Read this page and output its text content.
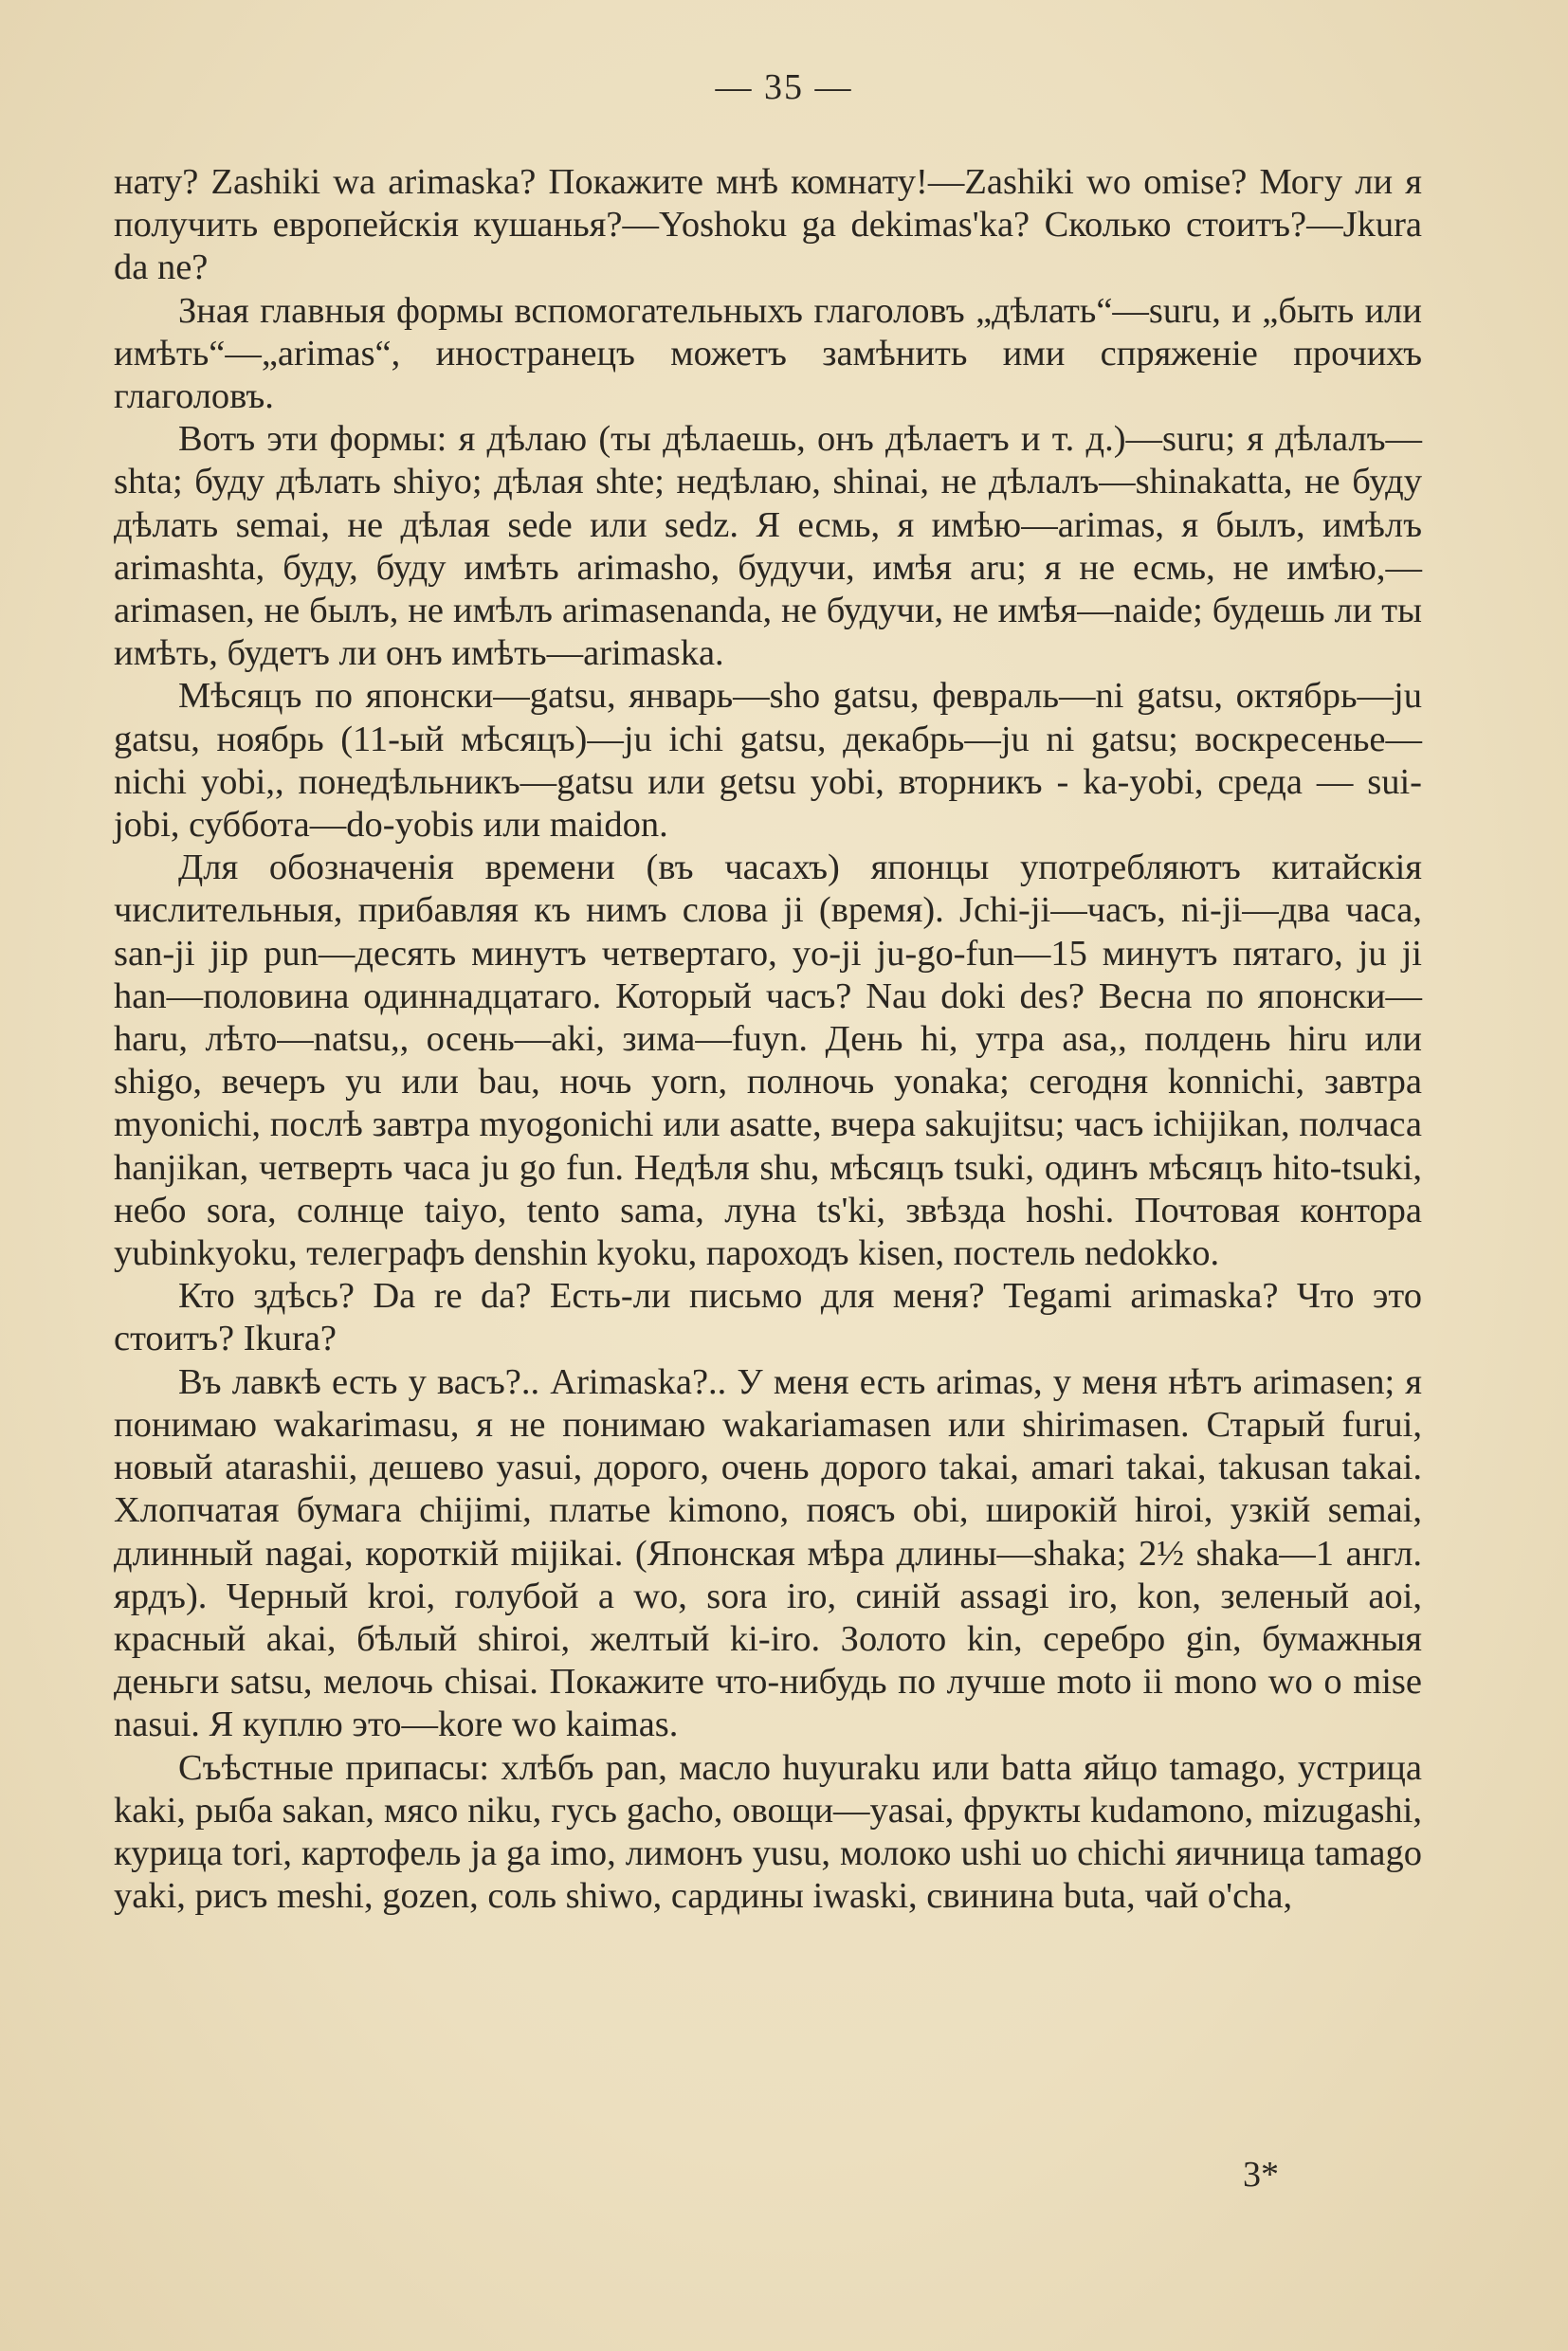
— 35 —

нату? Zashiki wa arimaska? Покажите мнѣ комнату!—Zashiki wo omise? Могу ли я получить европейскія кушанья?—Yoshoku ga dekimas'ka? Сколько стоитъ?—Jkura da ne?

Зная главныя формы вспомогательныхъ глаголовъ „дѣлать“—suru, и „быть или имѣть“—„arimas“, иностранецъ можетъ замѣнить ими спряженіе прочихъ глаголовъ.

Вотъ эти формы: я дѣлаю (ты дѣлаешь, онъ дѣлаетъ и т. д.)—suru; я дѣлалъ—shta; буду дѣлать shiyo; дѣлая shte; недѣлаю, shinai, не дѣлалъ—shinakatta, не буду дѣлать semai, не дѣлая sede или sedz. Я есмь, я имѣю—arimas, я былъ, имѣлъ arimashta, буду, буду имѣть arimasho, будучи, имѣя aru; я не есмь, не имѣю,—arimasen, не былъ, не имѣлъ arimasenanda, не будучи, не имѣя—naide; будешь ли ты имѣть, будетъ ли онъ имѣть—arimaska.

Мѣсяцъ по японски—gatsu, январь—sho gatsu, февраль—ni gatsu, октябрь—ju gatsu, ноябрь (11-ый мѣсяцъ)—ju ichi gatsu, декабрь—ju ni gatsu; воскресенье—nichi yobi,, понедѣльникъ—gatsu или getsu yobi, вторникъ - ka-yobi, среда — sui-jobi, суббота—do-yobis или maidon.

Для обозначенія времени (въ часахъ) японцы употребляютъ китайскія числительныя, прибавляя къ нимъ слова ji (время). Jchi-ji—часъ, ni-ji—два часа, san-ji jip pun—десять минутъ четвертаго, yo-ji ju-go-fun—15 минутъ пятаго, ju ji han—половина одиннадцатаго. Который часъ? Nau doki des? Весна по японски—haru, лѣто—natsu,, осень—aki, зима—fuyn. День hi, утра asa,, полдень hiru или shigo, вечеръ yu или bau, ночь yorn, полночь yonaka; сегодня konnichi, завтра myonichi, послѣ завтра myogonichi или asatte, вчера sakujitsu; часъ ichijikan, полчаса hanjikan, четверть часа ju go fun. Недѣля shu, мѣсяцъ tsuki, одинъ мѣсяцъ hito-tsuki, небо sora, солнце taiyo, tento sama, луна ts'ki, звѣзда hoshi. Почтовая контора yubinkyoku, телеграфъ denshin kyoku, пароходъ kisen, постель nedokko.

Кто здѣсь? Da re da? Есть-ли письмо для меня? Tegami arimaska? Что это стоитъ? Ikura?

Въ лавкѣ есть у васъ?.. Arimaska?.. У меня есть arimas, у меня нѣтъ arimasen; я понимаю wakarimasu, я не понимаю wakariamasen или shirimasen. Старый furui, новый atarashii, дешево yasui, дорого, очень дорого takai, amari takai, takusan takai. Хлопчатая бумага chijimi, платье kimono, поясъ obi, широкій hiroi, узкій semai, длинный nagai, короткій mijikai. (Японская мѣра длины—shaka; 2½ shaka—1 англ. ярдъ). Черный kroi, голубой a wo, sora iro, синій assagi iro, kon, зеленый aoi, красный akai, бѣлый shiroi, желтый ki-iro. Золото kin, серебро gin, бумажныя деньги satsu, мелочь chisai. Покажите что-нибудь по лучше moto ii mono wo o mise nasui. Я куплю это—kore wo kaimas.

Съѣстные припасы: хлѣбъ pan, масло huyuraku или batta яйцо tamago, устрица kaki, рыба sakan, мясо niku, гусь gacho, овощи—yasai, фрукты kudamono, mizugashi, курица tori, картофель ja ga imo, лимонъ yusu, молоко ushi uo chichi яичница tamago yaki, рисъ meshi, gozen, соль shiwo, сардины iwaski, свинина buta, чай o'cha,

3*
